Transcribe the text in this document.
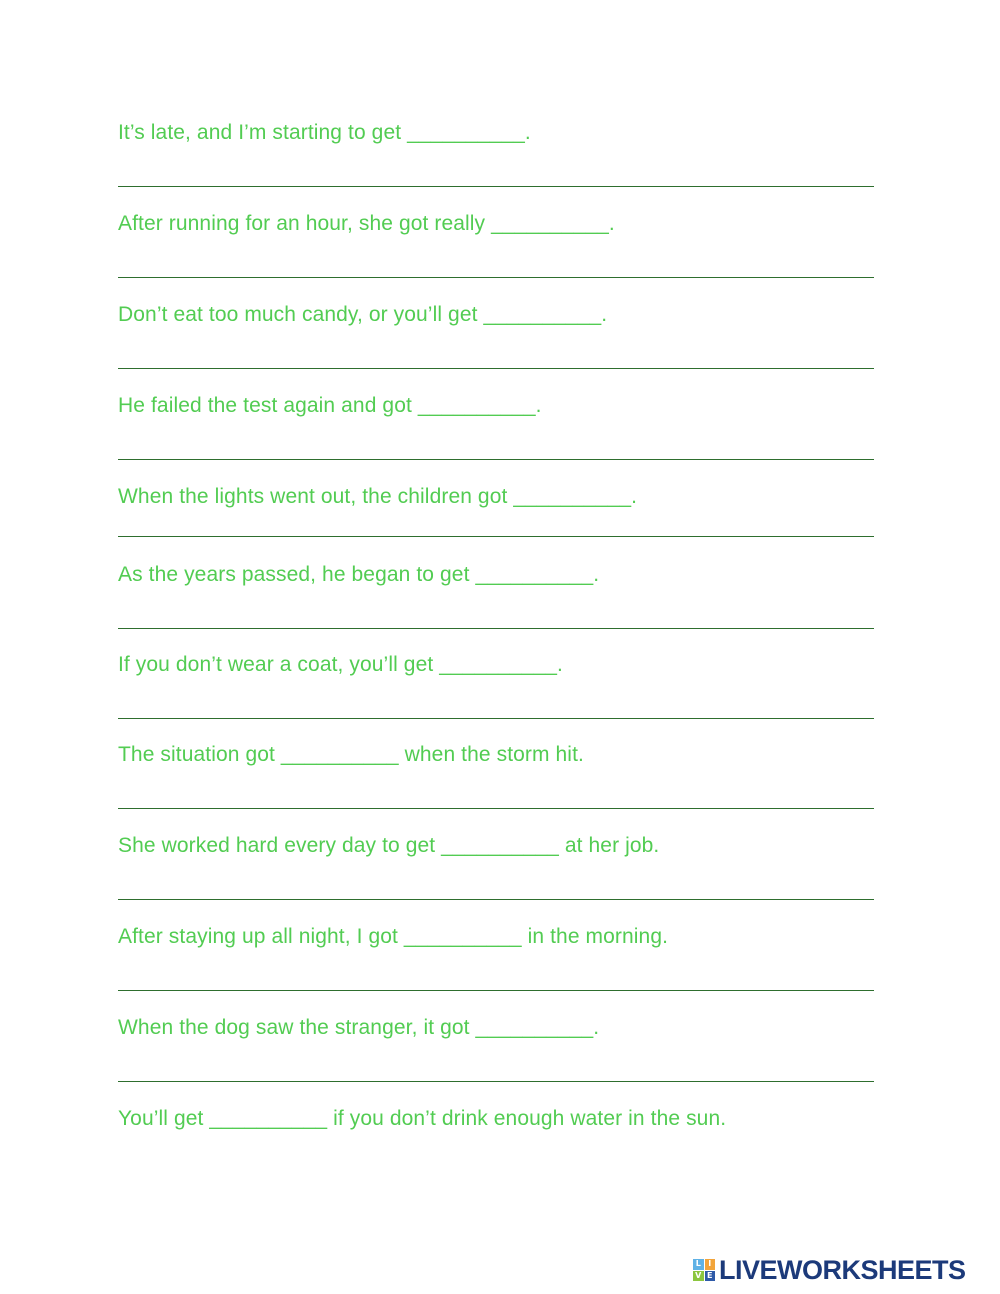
It’s late, and I’m starting to get __________.
After running for an hour, she got really __________.
Don’t eat too much candy, or you’ll get __________.
He failed the test again and got __________.
When the lights went out, the children got __________.
As the years passed, he began to get __________.
If you don’t wear a coat, you’ll get __________.
The situation got __________ when the storm hit.
She worked hard every day to get __________ at her job.
After staying up all night, I got __________ in the morning.
When the dog saw the stranger, it got __________.
You’ll get __________ if you don’t drink enough water in the sun.
L I
V E LIVEWORKSHEETS
